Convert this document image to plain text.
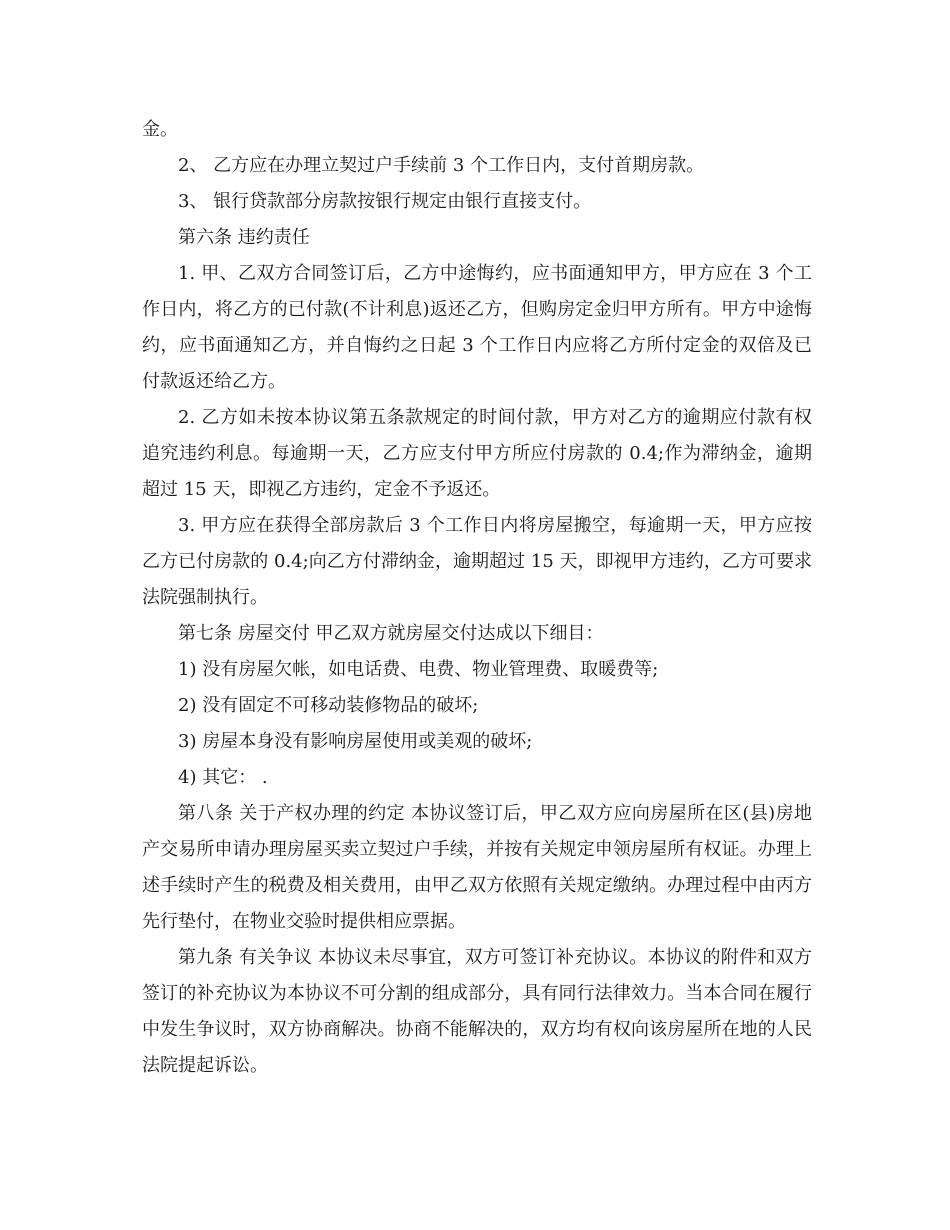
金。

2、 乙方应在办理立契过户手续前 3 个工作日内，支付首期房款。

3、 银行贷款部分房款按银行规定由银行直接支付。

第六条 违约责任

1. 甲、乙双方合同签订后，乙方中途悔约，应书面通知甲方，甲方应在 3 个工作日内，将乙方的已付款(不计利息)返还乙方，但购房定金归甲方所有。甲方中途悔约，应书面通知乙方，并自悔约之日起 3 个工作日内应将乙方所付定金的双倍及已付款返还给乙方。

2. 乙方如未按本协议第五条款规定的时间付款，甲方对乙方的逾期应付款有权追究违约利息。每逾期一天，乙方应支付甲方所应付房款的 0.4;作为滞纳金，逾期超过 15 天，即视乙方违约，定金不予返还。

3. 甲方应在获得全部房款后 3 个工作日内将房屋搬空，每逾期一天，甲方应按乙方已付房款的 0.4;向乙方付滞纳金，逾期超过 15 天，即视甲方违约，乙方可要求法院强制执行。

第七条 房屋交付 甲乙双方就房屋交付达成以下细目：

1) 没有房屋欠帐，如电话费、电费、物业管理费、取暖费等;

2) 没有固定不可移动装修物品的破坏;

3) 房屋本身没有影响房屋使用或美观的破坏;

4) 其它： .

第八条 关于产权办理的约定 本协议签订后，甲乙双方应向房屋所在区(县)房地产交易所申请办理房屋买卖立契过户手续，并按有关规定申领房屋所有权证。办理上述手续时产生的税费及相关费用，由甲乙双方依照有关规定缴纳。办理过程中由丙方先行垫付，在物业交验时提供相应票据。

第九条 有关争议 本协议未尽事宜，双方可签订补充协议。本协议的附件和双方签订的补充协议为本协议不可分割的组成部分，具有同行法律效力。当本合同在履行中发生争议时，双方协商解决。协商不能解决的，双方均有权向该房屋所在地的人民法院提起诉讼。
